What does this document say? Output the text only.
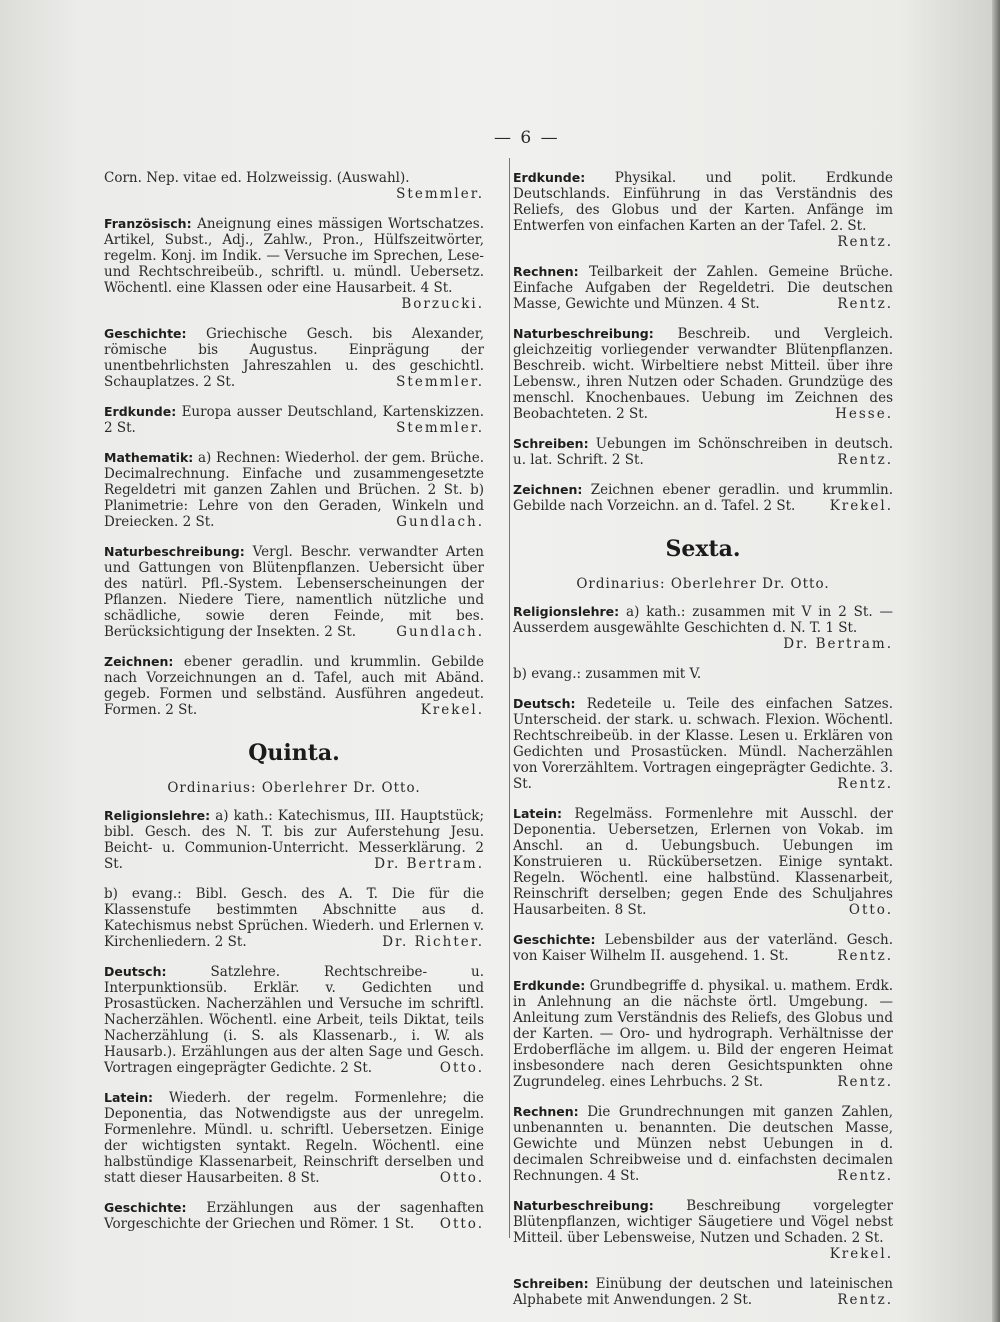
— 6 —

Corn. Nep. vitae ed. Holzweissig. (Auswahl).
Stemmler.

Französisch: Aneignung eines mässigen Wortschatzes. Artikel, Subst., Adj., Zahlw., Pron., Hülfszeitwörter, regelm. Konj. im Indik. — Versuche im Sprechen, Lese- und Rechtschreibeüb., schriftl. u. mündl. Uebersetz. Wöchentl. eine Klassen oder eine Hausarbeit. 4 St.
Borzucki.

Geschichte: Griechische Gesch. bis Alexander, römische bis Augustus. Einprägung der unentbehrlichsten Jahreszahlen u. des geschichtl. Schauplatzes. 2 St.	Stemmler.

Erdkunde: Europa ausser Deutschland, Kartenskizzen. 2 St.	Stemmler.

Mathematik: a) Rechnen: Wiederhol. der gem. Brüche. Decimalrechnung. Einfache und zusammengesetzte Regeldetri mit ganzen Zahlen und Brüchen. 2 St. b) Planimetrie: Lehre von den Geraden, Winkeln und Dreiecken. 2 St.	Gundlach.

Naturbeschreibung: Vergl. Beschr. verwandter Arten und Gattungen von Blütenpflanzen. Uebersicht über des natürl. Pfl.-System. Lebenserscheinungen der Pflanzen. Niedere Tiere, namentlich nützliche und schädliche, sowie deren Feinde, mit bes. Berücksichtigung der Insekten. 2 St.	Gundlach.

Zeichnen: ebener geradlin. und krummlin. Gebilde nach Vorzeichnungen an d. Tafel, auch mit Abänd. gegeb. Formen und selbständ. Ausführen angedeut. Formen. 2 St.	Krekel.

Quinta.
Ordinarius: Oberlehrer Dr. Otto.

Religionslehre: a) kath.: Katechismus, III. Hauptstück; bibl. Gesch. des N. T. bis zur Auferstehung Jesu. Beicht- u. Communion-Unterricht. Messerklärung. 2 St.	Dr. Bertram.

b) evang.: Bibl. Gesch. des A. T. Die für die Klassenstufe bestimmten Abschnitte aus d. Katechismus nebst Sprüchen. Wiederh. und Erlernen v. Kirchenliedern. 2 St.	Dr. Richter.

Deutsch:	Satzlehre. Rechtschreibe- u. Interpunktionsüb. Erklär. v. Gedichten und Prosastücken. Nacherzählen und Versuche im schriftl. Nacherzählen. Wöchentl. eine Arbeit, teils Diktat, teils Nacherzählung (i. S. als Klassenarb., i. W. als Hausarb.). Erzählungen aus der alten Sage und Gesch. Vortragen eingeprägter Gedichte. 2 St.	Otto.

Latein: Wiederh. der regelm. Formenlehre; die Deponentia, das Notwendigste aus der unregelm. Formenlehre. Mündl. u. schriftl. Uebersetzen. Einige der wichtigsten syntakt. Regeln. Wöchentl. eine halbstündige Klassenarbeit, Reinschrift derselben und statt dieser Hausarbeiten. 8 St.	Otto.

Geschichte: Erzählungen aus der sagenhaften Vorgeschichte der Griechen und Römer. 1 St. Otto.

Erdkunde: Physikal. und polit. Erdkunde Deutschlands. Einführung in das Verständnis des Reliefs, des Globus und der Karten. Anfänge im Entwerfen von einfachen Karten an der Tafel. 2. St.
Rentz.

Rechnen: Teilbarkeit der Zahlen. Gemeine Brüche. Einfache Aufgaben der Regeldetri. Die deutschen Masse, Gewichte und Münzen. 4 St.	Rentz.

Naturbeschreibung: Beschreib. und Vergleich. gleichzeitig vorliegender verwandter Blütenpflanzen. Beschreib. wicht. Wirbeltiere nebst Mitteil. über ihre Lebensw., ihren Nutzen oder Schaden. Grundzüge des menschl. Knochenbaues. Uebung im Zeichnen des Beobachteten. 2 St.	Hesse.

Schreiben: Uebungen im Schönschreiben in deutsch. u. lat. Schrift. 2 St.	Rentz.

Zeichnen: Zeichnen ebener geradlin. und krummlin. Gebilde nach Vorzeichn. an d. Tafel. 2 St.	Krekel.

Sexta.
Ordinarius: Oberlehrer Dr. Otto.

Religionslehre: a) kath.: zusammen mit V in 2 St. — Ausserdem ausgewählte Geschichten d. N. T. 1 St.
Dr. Bertram.

b) evang.: zusammen mit V.

Deutsch: Redeteile u. Teile des einfachen Satzes. Unterscheid. der stark. u. schwach. Flexion. Wöchentl. Rechtschreibeüb. in der Klasse. Lesen u. Erklären von Gedichten und Prosastücken. Mündl. Nacherzählen von Vorerzähltem. Vortragen eingeprägter Gedichte. 3. St.	Rentz.

Latein: Regelmäss. Formenlehre mit Ausschl. der Deponentia. Uebersetzen, Erlernen von Vokab. im Anschl. an d. Uebungsbuch. Uebungen im Konstruieren u. Rückübersetzen. Einige syntakt. Regeln. Wöchentl. eine halbstünd. Klassenarbeit, Reinschrift derselben; gegen Ende des Schuljahres Hausarbeiten. 8 St.	Otto.

Geschichte: Lebensbilder aus der vaterländ. Gesch. von Kaiser Wilhelm II. ausgehend. 1. St.	Rentz.

Erdkunde: Grundbegriffe d. physikal. u. mathem. Erdk. in Anlehnung an die nächste örtl. Umgebung. — Anleitung zum Verständnis des Reliefs, des Globus und der Karten. — Oro- und hydrograph. Verhältnisse der Erdoberfläche im allgem. u. Bild der engeren Heimat insbesondere nach deren Gesichtspunkten ohne Zugrundeleg. eines Lehrbuchs. 2 St.	Rentz.

Rechnen: Die Grundrechnungen mit ganzen Zahlen, unbenannten u. benannten. Die deutschen Masse, Gewichte und Münzen nebst Uebungen in d. decimalen Schreibweise und d. einfachsten decimalen Rechnungen. 4 St.	Rentz.

Naturbeschreibung: Beschreibung vorgelegter Blütenpflanzen, wichtiger Säugetiere und Vögel nebst Mitteil. über Lebensweise, Nutzen und Schaden. 2 St.
Krekel.

Schreiben: Einübung der deutschen und lateinischen Alphabete mit Anwendungen. 2 St.	Rentz.
